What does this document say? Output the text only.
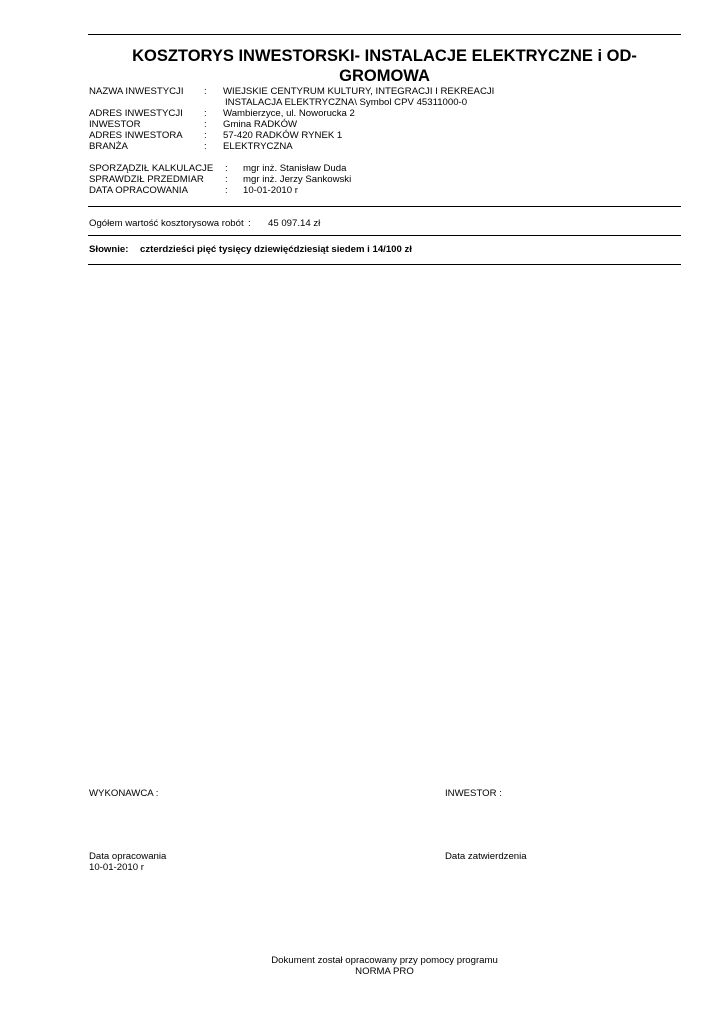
KOSZTORYS INWESTORSKI- INSTALACJE ELEKTRYCZNE i OD-
GROMOWA
NAZWA INWESTYCJI : WIEJSKIE CENTYRUM KULTURY, INTEGRACJI I REKREACJI
INSTALACJA ELEKTRYCZNA\ Symbol CPV 45311000-0
ADRES INWESTYCJI : Wambierzyce, ul. Noworucka 2
INWESTOR	: Gmina RADKÓW
ADRES INWESTORA : 57-420 RADKÓW RYNEK 1
BRANŻA	: ELEKTRYCZNA
SPORZĄDZIŁ KALKULACJE : mgr inż. Stanisław Duda
SPRAWDZIŁ PRZEDMIAR : mgr inż. Jerzy Sankowski
DATA OPRACOWANIA	: 10-01-2010 r
Ogółem wartość kosztorysowa robót : 45 097.14 zł
Słownie: czterdzieści pięć tysięcy dziewięćdziesiąt siedem i 14/100 zł
WYKONAWCA :	INWESTOR :
Data opracowania
10-01-2010 r
Data zatwierdzenia
Dokument został opracowany przy pomocy programu
NORMA PRO
